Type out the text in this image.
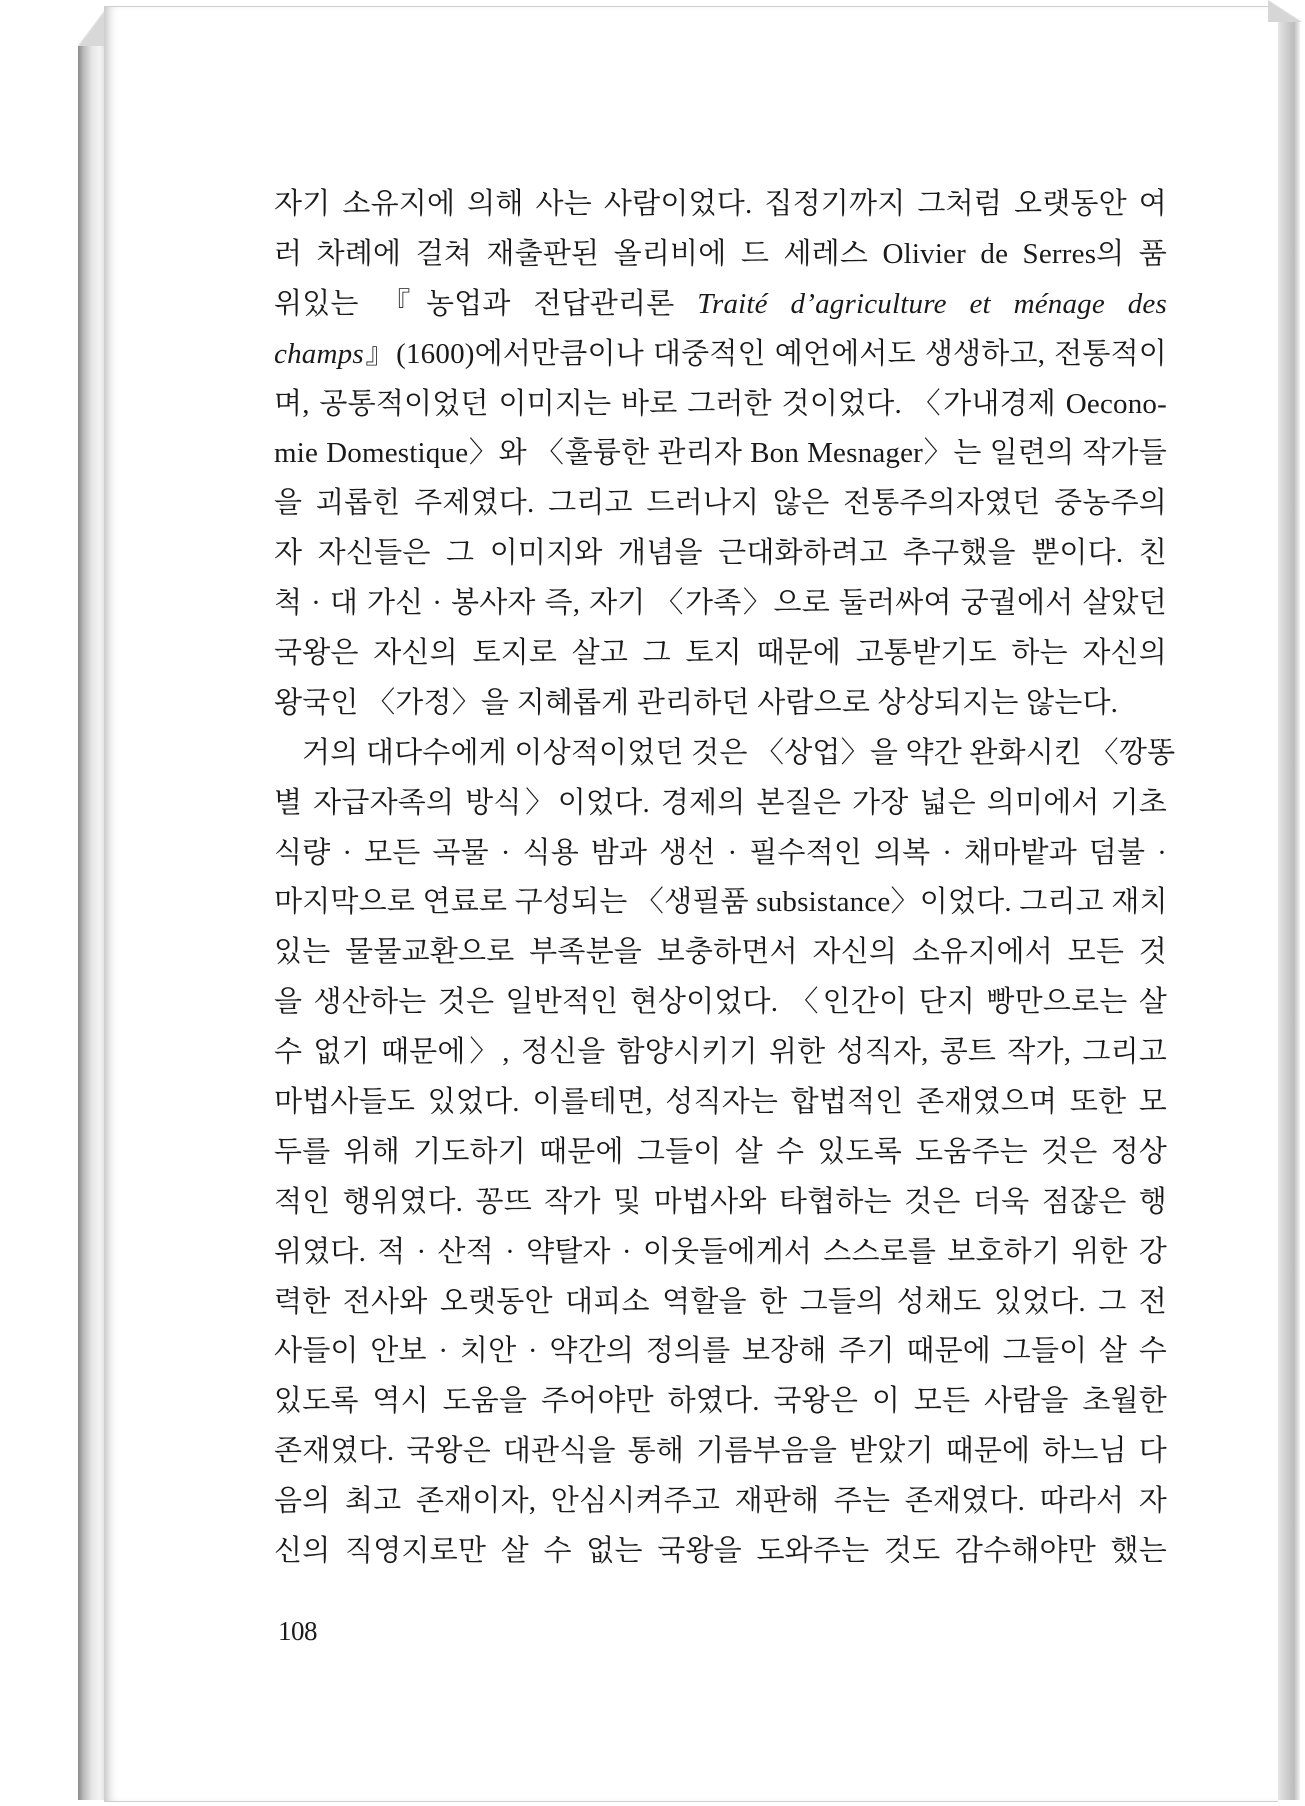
자기 소유지에 의해 사는 사람이었다. 집정기까지 그처럼 오랫동안 여
러 차례에 걸쳐 재출판된 올리비에 드 세레스 Olivier de Serres의 품
위있는 『농업과 전답관리론 Traité d’agriculture et ménage des
champs』(1600)에서만큼이나 대중적인 예언에서도 생생하고, 전통적이
며, 공통적이었던 이미지는 바로 그러한 것이었다. 〈가내경제 Oecono-
mie Domestique〉와 〈훌륭한 관리자 Bon Mesnager〉는 일련의 작가들
을 괴롭힌 주제였다. 그리고 드러나지 않은 전통주의자였던 중농주의
자 자신들은 그 이미지와 개념을 근대화하려고 추구했을 뿐이다. 친
척 · 대 가신 · 봉사자 즉, 자기 〈가족〉으로 둘러싸여 궁궐에서 살았던
국왕은 자신의 토지로 살고 그 토지 때문에 고통받기도 하는 자신의
왕국인 〈가정〉을 지혜롭게 관리하던 사람으로 상상되지는 않는다.
거의 대다수에게 이상적이었던 것은 〈상업〉을 약간 완화시킨 〈깡똥
별 자급자족의 방식〉이었다. 경제의 본질은 가장 넓은 의미에서 기초
식량 · 모든 곡물 · 식용 밤과 생선 · 필수적인 의복 · 채마밭과 덤불 ·
마지막으로 연료로 구성되는 〈생필품 subsistance〉이었다. 그리고 재치
있는 물물교환으로 부족분을 보충하면서 자신의 소유지에서 모든 것
을 생산하는 것은 일반적인 현상이었다. 〈인간이 단지 빵만으로는 살
수 없기 때문에〉, 정신을 함양시키기 위한 성직자, 콩트 작가, 그리고
마법사들도 있었다. 이를테면, 성직자는 합법적인 존재였으며 또한 모
두를 위해 기도하기 때문에 그들이 살 수 있도록 도움주는 것은 정상
적인 행위였다. 꽁뜨 작가 및 마법사와 타협하는 것은 더욱 점잖은 행
위였다. 적 · 산적 · 약탈자 · 이웃들에게서 스스로를 보호하기 위한 강
력한 전사와 오랫동안 대피소 역할을 한 그들의 성채도 있었다. 그 전
사들이 안보 · 치안 · 약간의 정의를 보장해 주기 때문에 그들이 살 수
있도록 역시 도움을 주어야만 하였다. 국왕은 이 모든 사람을 초월한
존재였다. 국왕은 대관식을 통해 기름부음을 받았기 때문에 하느님 다
음의 최고 존재이자, 안심시켜주고 재판해 주는 존재였다. 따라서 자
신의 직영지로만 살 수 없는 국왕을 도와주는 것도 감수해야만 했는
108
